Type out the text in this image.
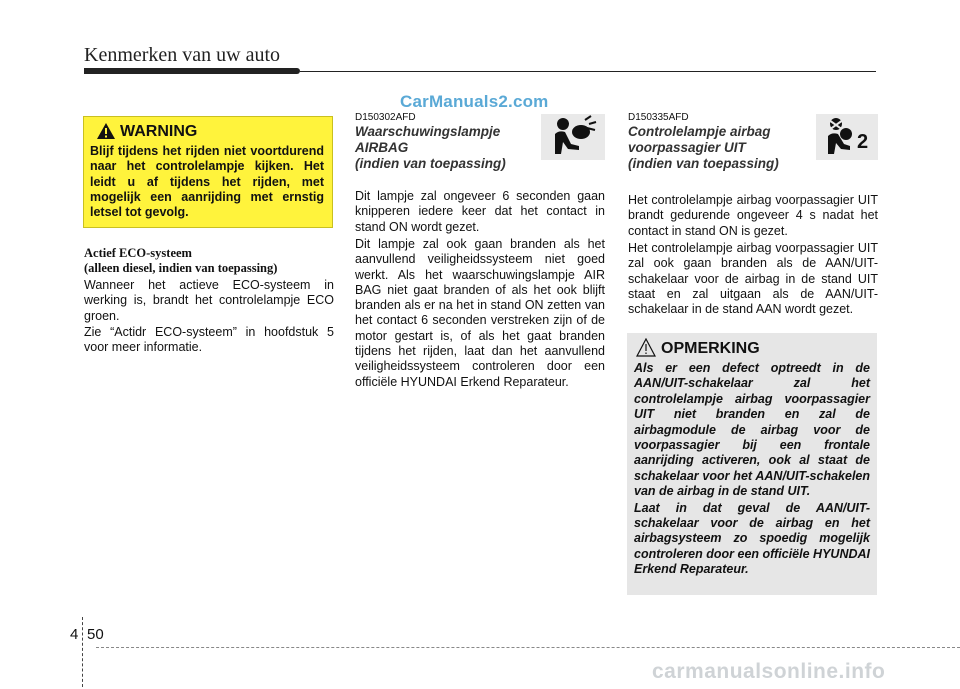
Kenmerken van uw auto
CarManuals2.com
WARNING
Blijf tijdens het rijden niet voortdurend naar het controlelampje kijken. Het leidt u af tijdens het rijden, met mogelijk een aanrijding met ernstig letsel tot gevolg.
Actief ECO-systeem
(alleen diesel, indien van toepassing)
Wanneer het actieve ECO-systeem in werking is, brandt het controlelampje ECO groen.
Zie “Actidr ECO-systeem” in hoofdstuk 5 voor meer informatie.
D150302AFD
Waarschuwingslampje
AIRBAG
(indien van toepassing)
Dit lampje zal ongeveer 6 seconden gaan knipperen iedere keer dat het contact in stand ON wordt gezet.
Dit lampje zal ook gaan branden als het aanvullend veiligheidssysteem niet goed werkt. Als het waarschuwingslampje AIR BAG niet gaat branden of als het ook blijft branden als er na het in stand ON zetten van het contact 6 seconden verstreken zijn of de motor gestart is, of als het gaat branden tijdens het rijden, laat dan het aanvullend veiligheidssysteem controleren door een officiële HYUNDAI Erkend Reparateur.
D150335AFD
Controlelampje airbag
voorpassagier UIT
(indien van toepassing)
2
Het controlelampje airbag voorpassagier UIT brandt gedurende ongeveer 4 s nadat het contact in stand ON is gezet.
Het controlelampje airbag voorpassagier UIT zal ook gaan branden als de AAN/UIT-schakelaar voor de airbag in de stand UIT staat en zal uitgaan als de AAN/UIT-schakelaar in de stand AAN wordt gezet.
OPMERKING

Als er een defect optreedt in de AAN/UIT-schakelaar zal het controlelampje airbag voorpassagier UIT niet branden en zal de airbagmodule de airbag voor de voorpassagier bij een frontale aanrijding activeren, ook al staat de schakelaar voor het AAN/UIT-schakelen van de airbag in de stand UIT.

Laat in dat geval de AAN/UIT-schakelaar voor de airbag en het airbagsysteem zo spoedig mogelijk controleren door een officiële HYUNDAI Erkend Reparateur.

4 50
carmanualsonline.info
